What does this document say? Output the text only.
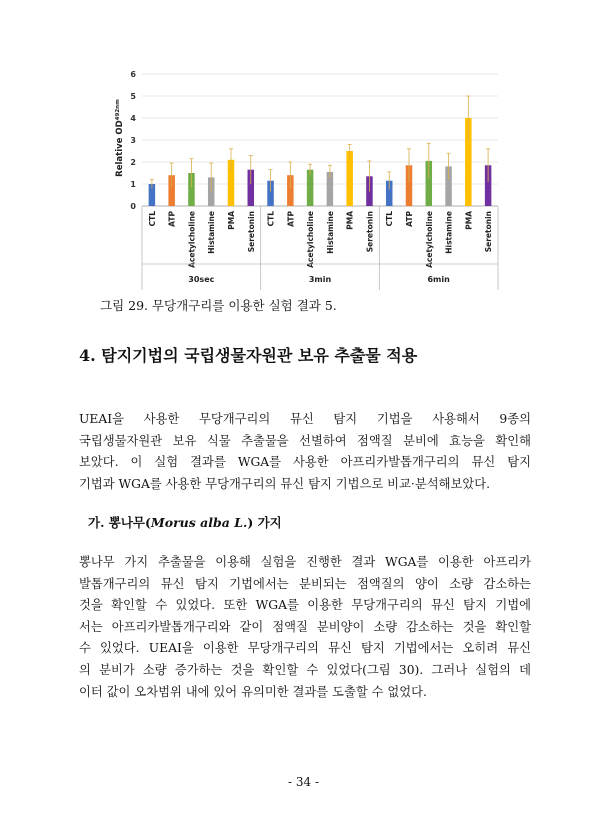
0
1
2
3
4
5
6
Relative $OD^{492nm}$
CTL ATP Acetylcholine Histamine PMA Seretonin CTL ATP Acetylcholine Histamine PMA Seretonin CTL ATP Acetylcholine Histamine PMA Seretonin
30sec	3min	6min
그림 29. 무당개구리를 이용한 실험 결과 5.
4. 탐지기법의 국립생물자원관 보유 추출물 적용

UEAI을 사용한 무당개구리의 뮤신 탐지 기법을 사용해서 9종의
국립생물자원관 보유 식물 추출물을 선별하여 점액질 분비에 효능을 확인해
보았다. 이 실험 결과를 WGA를 사용한 아프리카발톱개구리의 뮤신 탐지
기법과 WGA를 사용한 무당개구리의 뮤신 탐지 기법으로 비교·분석해보았다.

가. 뽕나무(Morus alba L.) 가지

뽕나무 가지 추출물을 이용해 실험을 진행한 결과 WGA를 이용한 아프리카
발톱개구리의 뮤신 탐지 기법에서는 분비되는 점액질의 양이 소량 감소하는
것을 확인할 수 있었다. 또한 WGA를 이용한 무당개구리의 뮤신 탐지 기법에
서는 아프리카발톱개구리와 같이 점액질 분비양이 소량 감소하는 것을 확인할
수 있었다. UEAI을 이용한 무당개구리의 뮤신 탐지 기법에서는 오히려 뮤신
의 분비가 소량 증가하는 것을 확인할 수 있었다(그림 30). 그러나 실험의 데
이터 값이 오차범위 내에 있어 유의미한 결과를 도출할 수 없었다.

- 34 -
